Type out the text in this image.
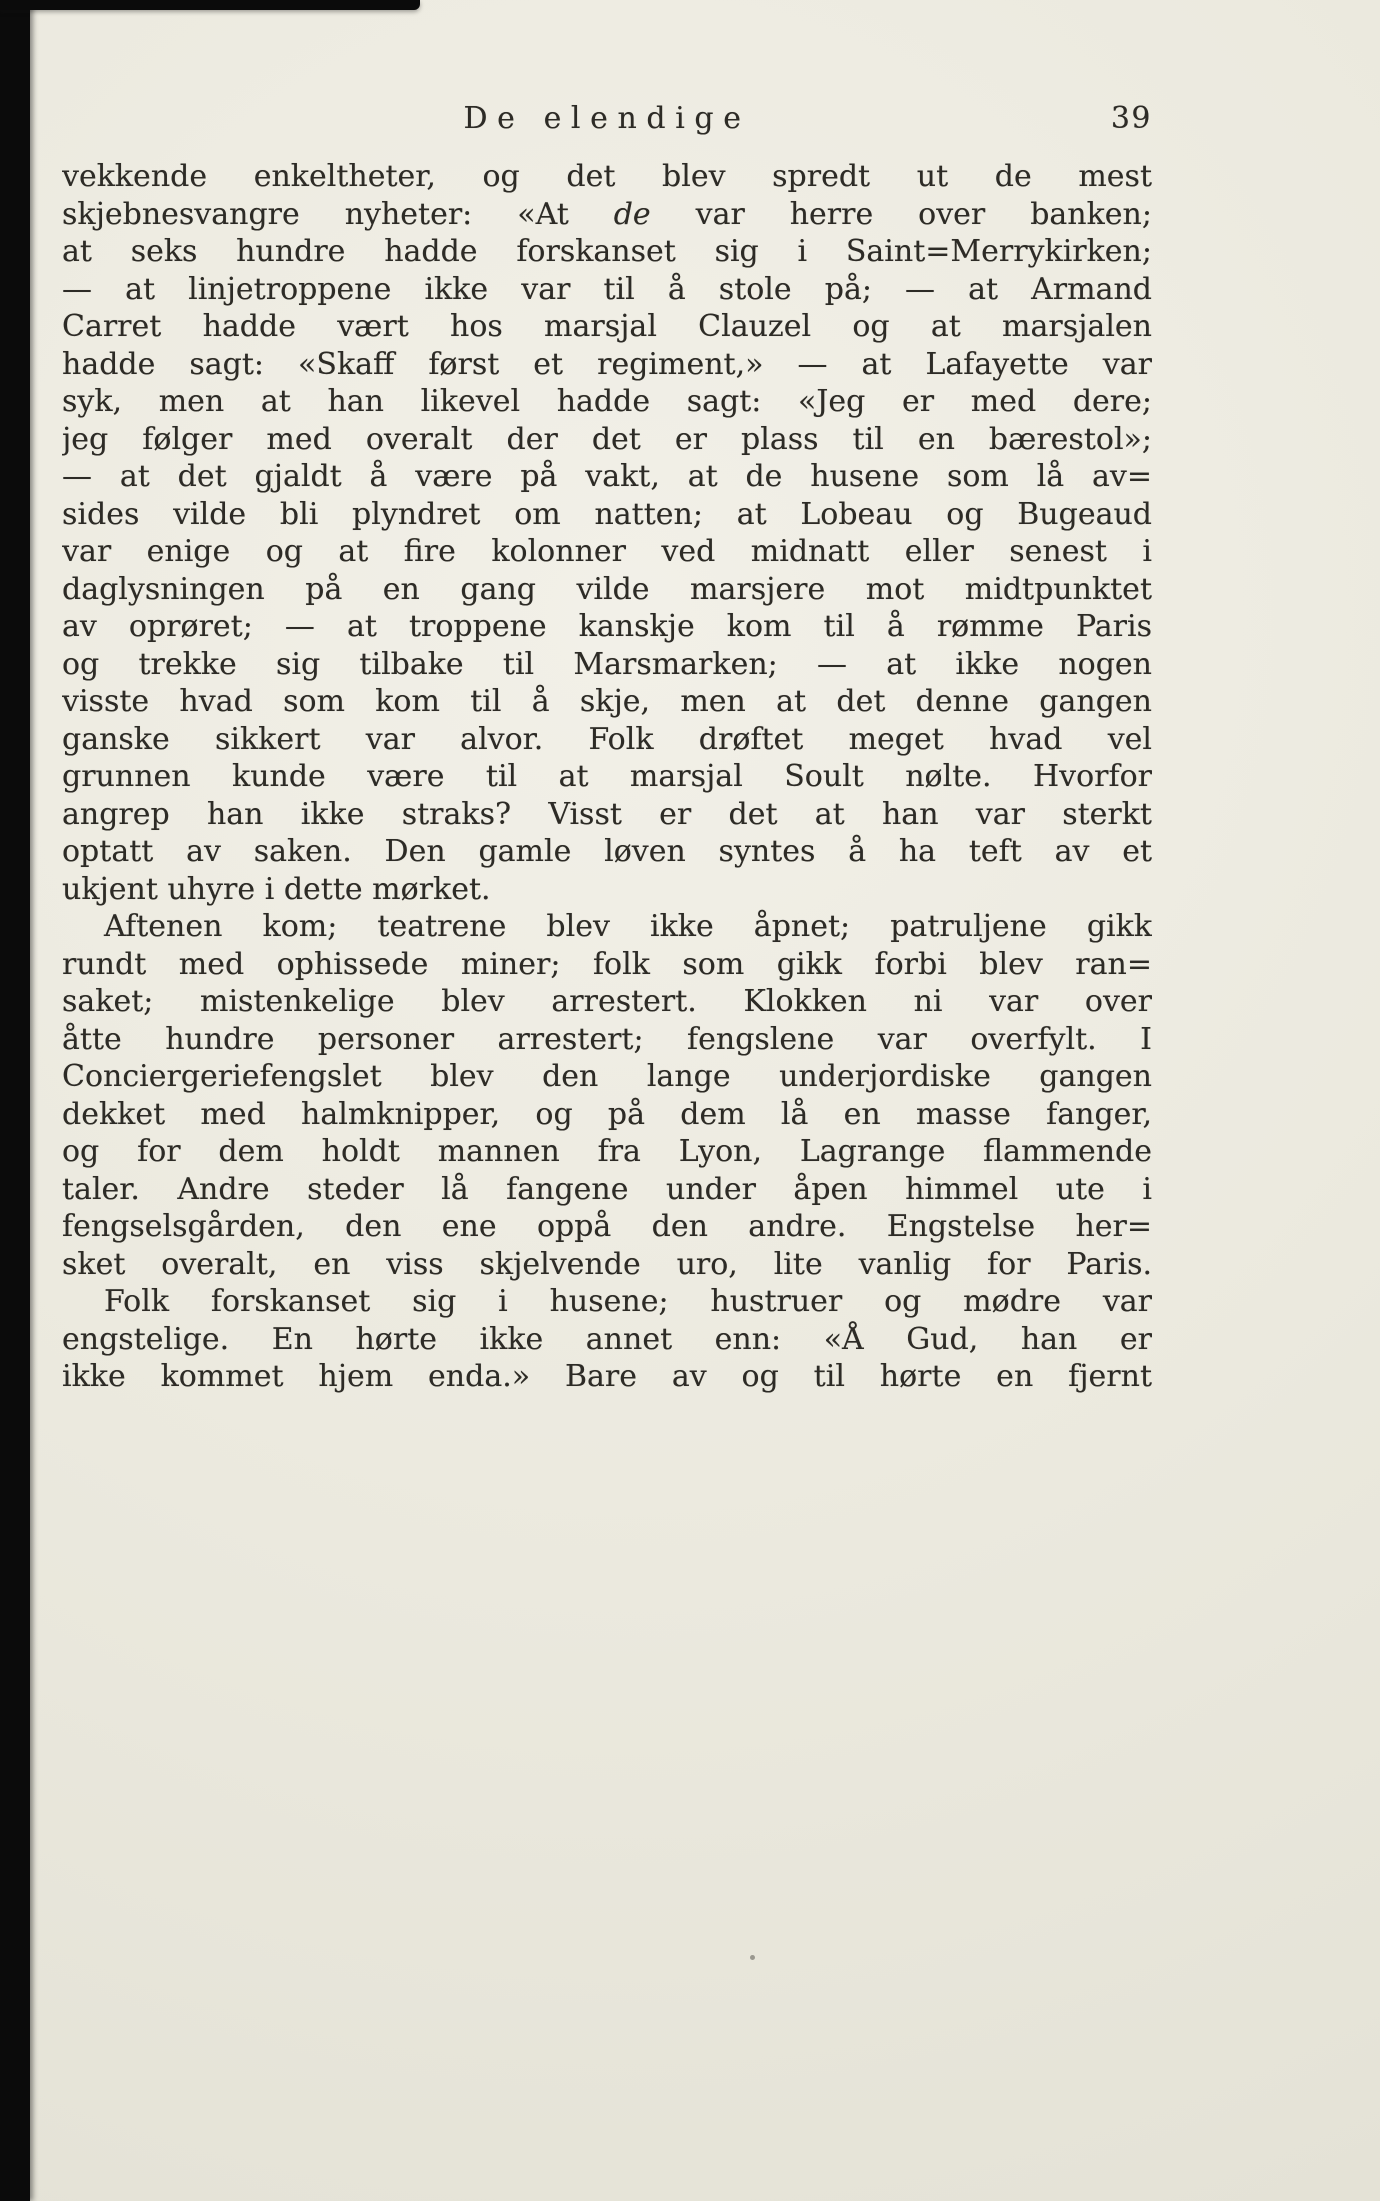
De elendige	39
vekkende enkeltheter, og det blev spredt ut de mest
skjebnesvangre nyheter: «At de var herre over banken;
at seks hundre hadde forskanset sig i Saint=Merrykirken;
— at linjetroppene ikke var til å stole på; — at Armand
Carret hadde vært hos marsjal Clauzel og at marsjalen
hadde sagt: «Skaff først et regiment,» — at Lafayette var
syk, men at han likevel hadde sagt: «Jeg er med dere;
jeg følger med overalt der det er plass til en bærestol»;
— at det gjaldt å være på vakt, at de husene som lå av=
sides vilde bli plyndret om natten; at Lobeau og Bugeaud
var enige og at fire kolonner ved midnatt eller senest i
daglysningen på en gang vilde marsjere mot midtpunktet
av oprøret; — at troppene kanskje kom til å rømme Paris
og trekke sig tilbake til Marsmarken; — at ikke nogen
visste hvad som kom til å skje, men at det denne gangen
ganske sikkert var alvor. Folk drøftet meget hvad vel
grunnen kunde være til at marsjal Soult nølte. Hvorfor
angrep han ikke straks? Visst er det at han var sterkt
optatt av saken. Den gamle løven syntes å ha teft av et
ukjent uhyre i dette mørket.
Aftenen kom; teatrene blev ikke åpnet; patruljene gikk
rundt med ophissede miner; folk som gikk forbi blev ran=
saket; mistenkelige blev arrestert. Klokken ni var over
åtte hundre personer arrestert; fengslene var overfylt. I
Conciergeriefengslet blev den lange underjordiske gangen
dekket med halmknipper, og på dem lå en masse fanger,
og for dem holdt mannen fra Lyon, Lagrange flammende
taler. Andre steder lå fangene under åpen himmel ute i
fengselsgården, den ene oppå den andre. Engstelse her=
sket overalt, en viss skjelvende uro, lite vanlig for Paris.
Folk forskanset sig i husene; hustruer og mødre var
engstelige. En hørte ikke annet enn: «Å Gud, han er
ikke kommet hjem enda.» Bare av og til hørte en fjernt
